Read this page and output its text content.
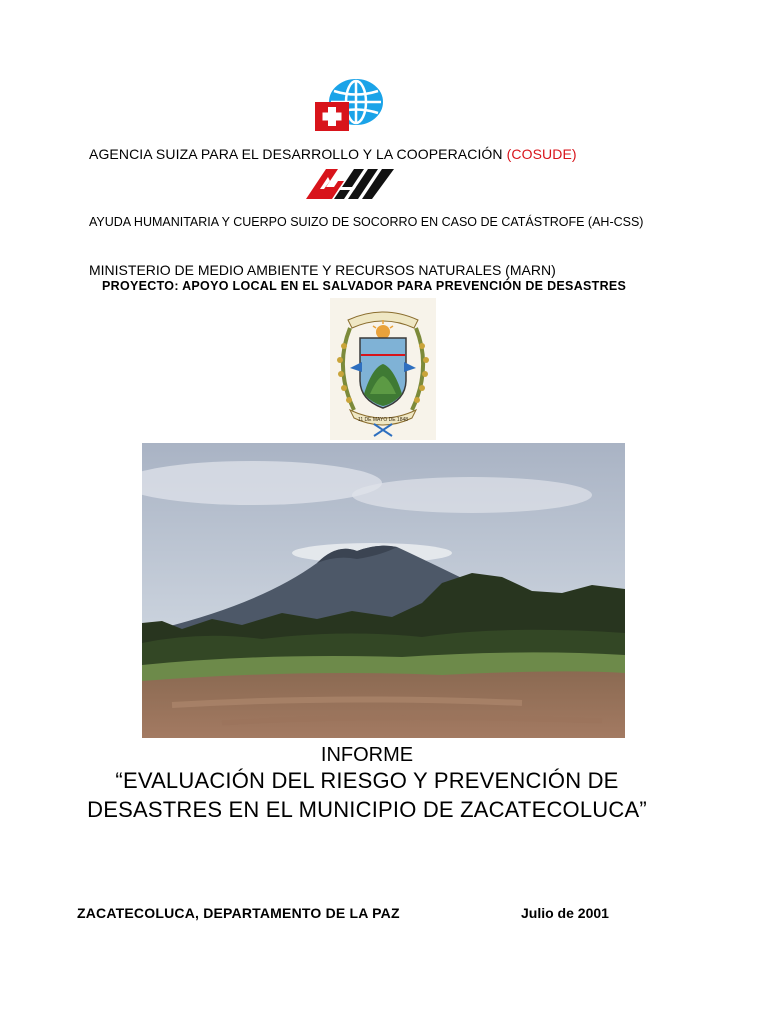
AGENCIA SUIZA PARA EL DESARROLLO Y LA COOPERACIÓN (COSUDE)
AYUDA HUMANITARIA Y CUERPO SUIZO DE SOCORRO EN CASO DE CATÁSTROFE (AH-CSS)
MINISTERIO DE MEDIO AMBIENTE Y RECURSOS NATURALES (MARN)
PROYECTO: APOYO LOCAL EN EL SALVADOR PARA PREVENCIÓN DE DESASTRES
11 DE MAYO DE 1848
INFORME
“EVALUACIÓN DEL RIESGO Y PREVENCIÓN DE
DESASTRES EN EL MUNICIPIO DE ZACATECOLUCA”
ZACATECOLUCA, DEPARTAMENTO DE LA PAZ	Julio de 2001
